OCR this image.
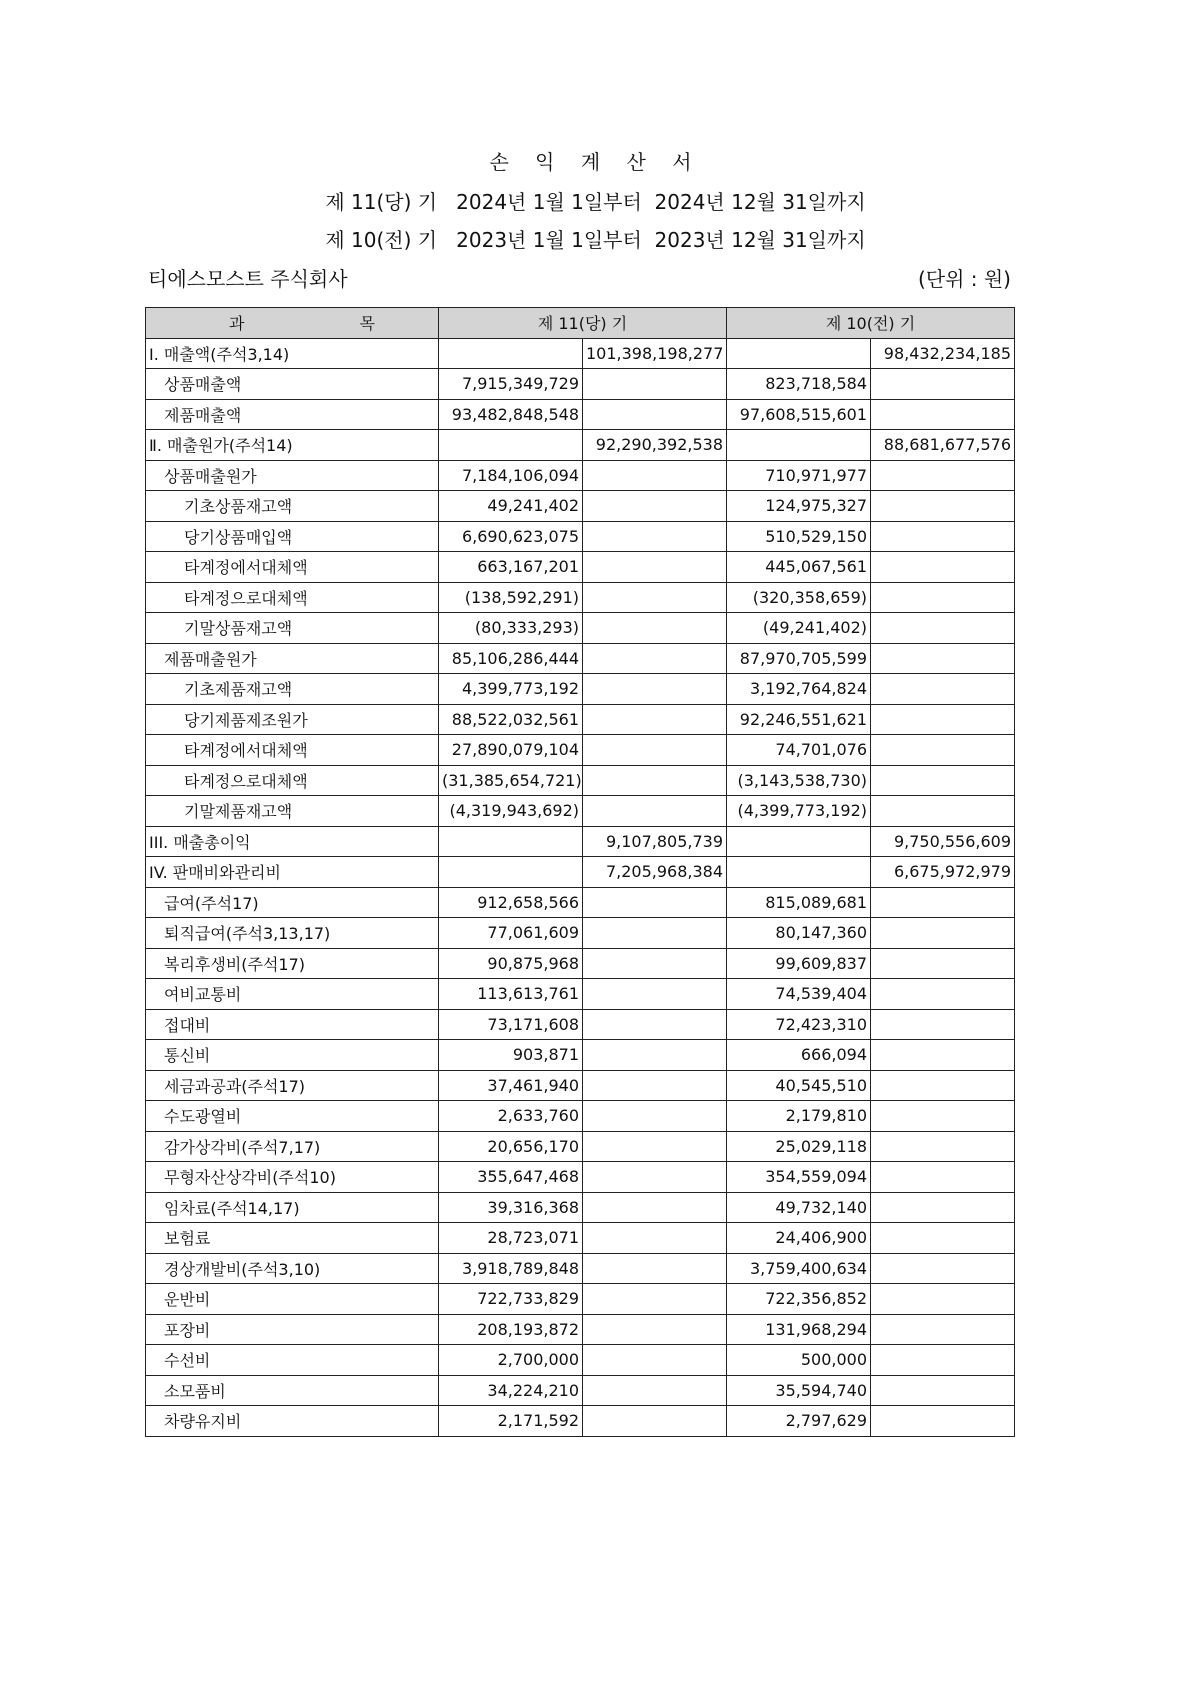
손 익 계 산 서
제 11(당) 기   2024년 1월 1일부터  2024년 12월 31일까지
제 10(전) 기   2023년 1월 1일부터  2023년 12월 31일까지
티에스모스트 주식회사	(단위 : 원)
과 목	제 11(당) 기		제 10(전) 기	
Ⅰ. 매출액(주석3,14)		101,398,198,277		98,432,234,185
상품매출액	7,915,349,729		823,718,584	
제품매출액	93,482,848,548		97,608,515,601	
Ⅱ. 매출원가(주석14)		92,290,392,538		88,681,677,576
상품매출원가	7,184,106,094		710,971,977	
기초상품재고액	49,241,402		124,975,327	
당기상품매입액	6,690,623,075		510,529,150	
타계정에서대체액	663,167,201		445,067,561	
타계정으로대체액	(138,592,291)		(320,358,659)	
기말상품재고액	(80,333,293)		(49,241,402)	
제품매출원가	85,106,286,444		87,970,705,599	
기초제품재고액	4,399,773,192		3,192,764,824	
당기제품제조원가	88,522,032,561		92,246,551,621	
타계정에서대체액	27,890,079,104		74,701,076	
타계정으로대체액	(31,385,654,721)		(3,143,538,730)	
기말제품재고액	(4,319,943,692)		(4,399,773,192)	
III. 매출총이익		9,107,805,739		9,750,556,609
IV. 판매비와관리비		7,205,968,384		6,675,972,979
급여(주석17)	912,658,566		815,089,681	
퇴직급여(주석3,13,17)	77,061,609		80,147,360	
복리후생비(주석17)	90,875,968		99,609,837	
여비교통비	113,613,761		74,539,404	
접대비	73,171,608		72,423,310	
통신비	903,871		666,094	
세금과공과(주석17)	37,461,940		40,545,510	
수도광열비	2,633,760		2,179,810	
감가상각비(주석7,17)	20,656,170		25,029,118	
무형자산상각비(주석10)	355,647,468		354,559,094	
임차료(주석14,17)	39,316,368		49,732,140	
보험료	28,723,071		24,406,900	
경상개발비(주석3,10)	3,918,789,848		3,759,400,634	
운반비	722,733,829		722,356,852	
포장비	208,193,872		131,968,294	
수선비	2,700,000		500,000	
소모품비	34,224,210		35,594,740	
차량유지비	2,171,592		2,797,629	
